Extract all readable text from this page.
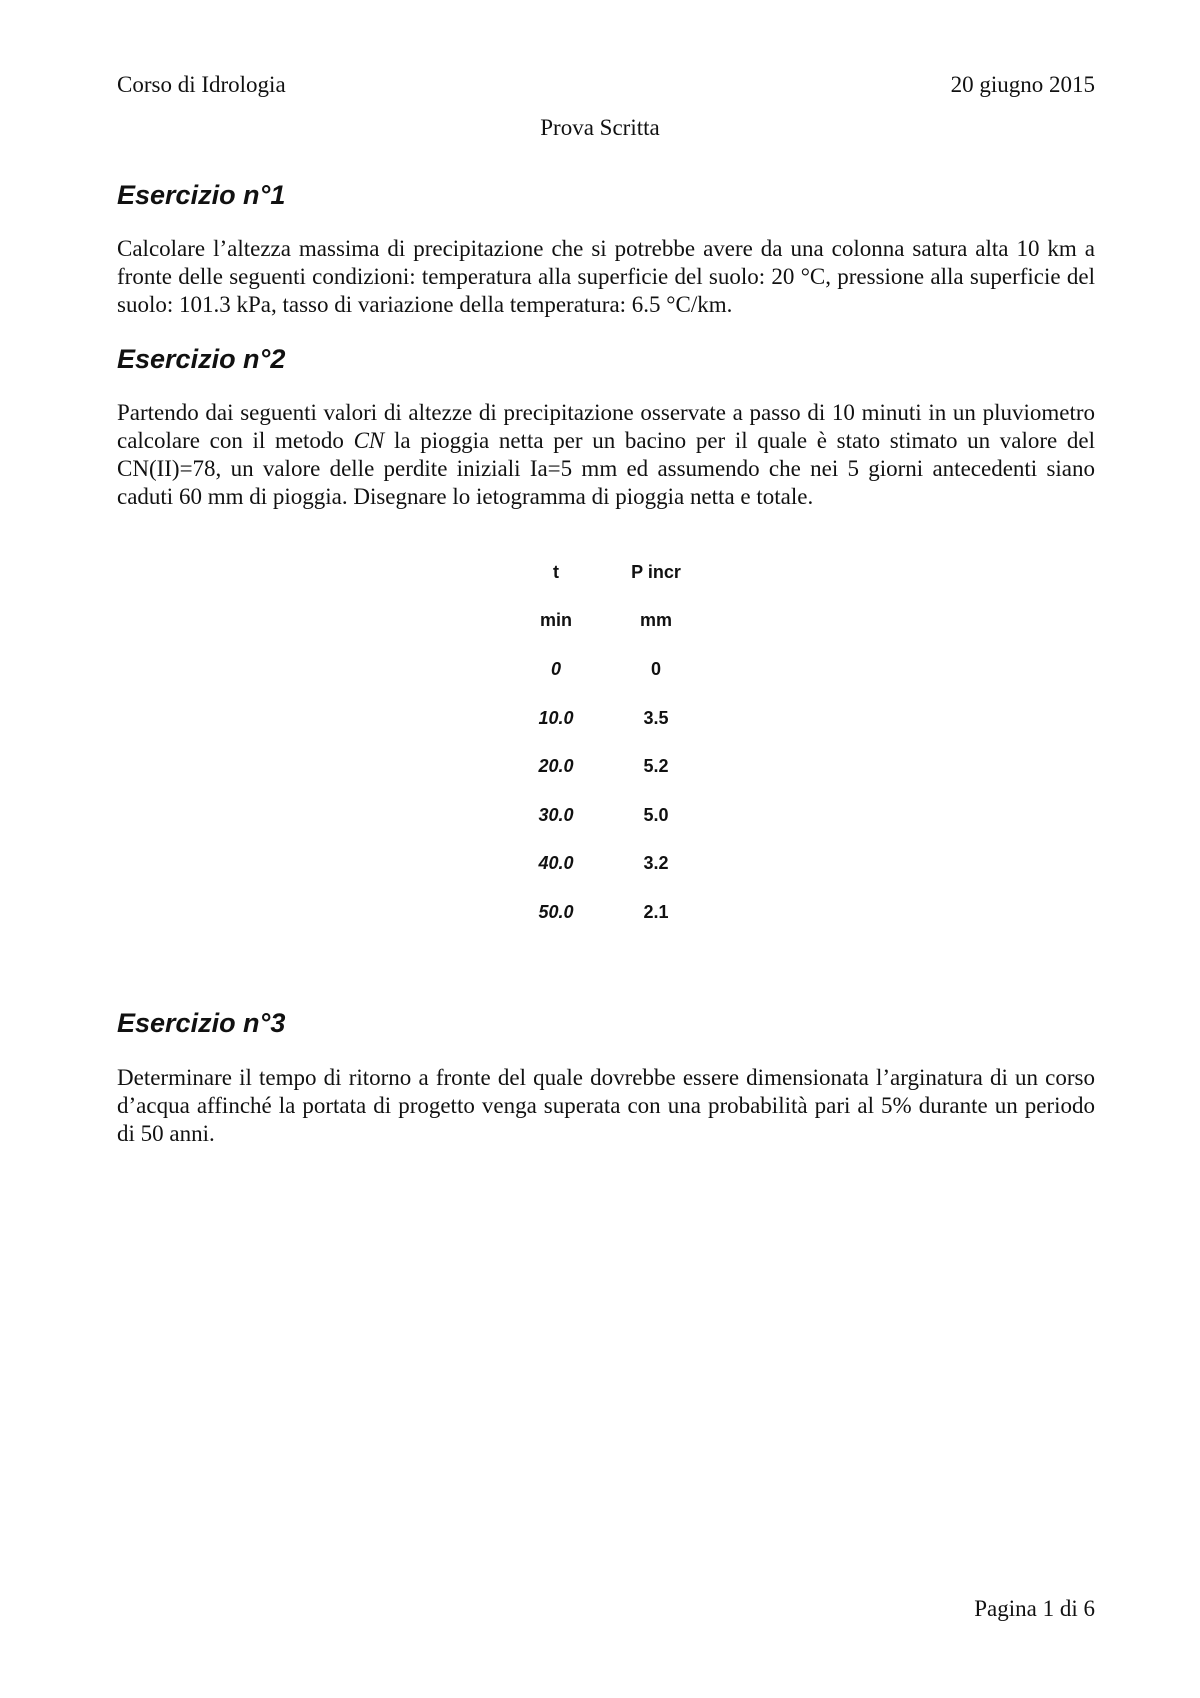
Corso di Idrologia	20 giugno 2015
Prova Scritta
Esercizio n°1

Calcolare l’altezza massima di precipitazione che si potrebbe avere da una colonna satura alta 10 km a fronte delle seguenti condizioni: temperatura alla superficie del suolo: 20 °C, pressione alla superficie del suolo: 101.3 kPa, tasso di variazione della temperatura: 6.5 °C/km.

Esercizio n°2

Partendo dai seguenti valori di altezze di precipitazione osservate a passo di 10 minuti in un pluviometro calcolare con il metodo CN la pioggia netta per un bacino per il quale è stato stimato un valore del CN(II)=78, un valore delle perdite iniziali Ia=5 mm ed assumendo che nei 5 giorni antecedenti siano caduti 60 mm di pioggia. Disegnare lo ietogramma di pioggia netta e totale.

t	P incr
min	mm
0	0
10.0	3.5
20.0	5.2
30.0	5.0
40.0	3.2
50.0	2.1
Esercizio n°3

Determinare il tempo di ritorno a fronte del quale dovrebbe essere dimensionata l’arginatura di un corso d’acqua affinché la portata di progetto venga superata con una probabilità pari al 5% durante un periodo di 50 anni.

Pagina 1 di 6
